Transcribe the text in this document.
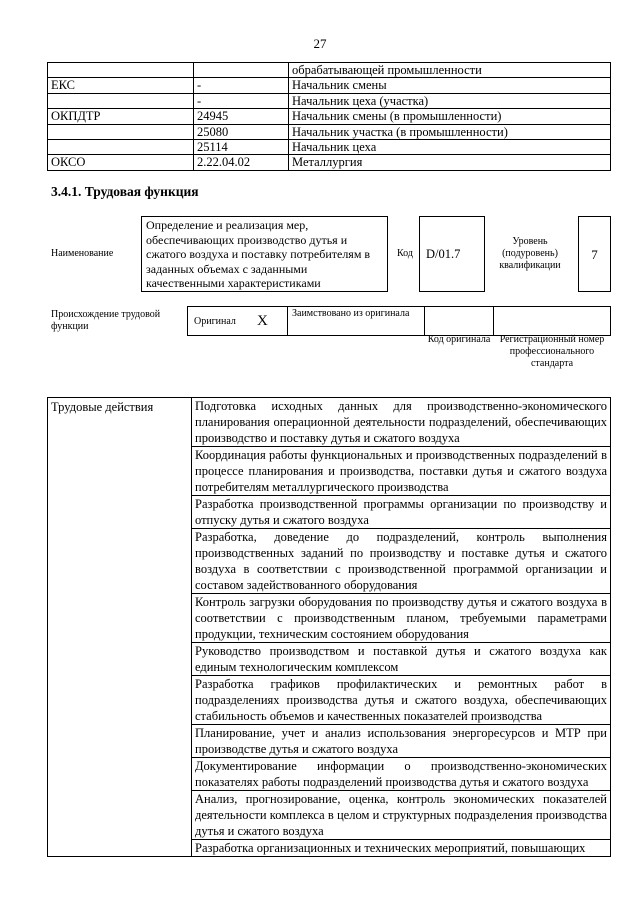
27
		обрабатывающей промышленности
ЕКС	-	Начальник смены
	-	Начальник цеха (участка)
ОКПДТР	24945	Начальник смены (в промышленности)
	25080	Начальник участка (в промышленности)
	25114	Начальник цеха
ОКСО	2.22.04.02	Металлургия
3.4.1. Трудовая функция
Наименование
Определение и реализация мер, обеспечивающих производство дутья и сжатого воздуха и поставку потребителям в заданных объемах с заданными качественными характеристиками
Код	D/01.7
Уровень (подуровень) квалификации
7
Происхождение трудовой функции	Оригинал X	Заимствовано из оригинала
Код оригинала Регистрационный номер профессионального стандарта
Трудовые действия	Подготовка исходных данных для производственно-экономического планирования операционной деятельности подразделений, обеспечивающих производство и поставку дутья и сжатого воздуха
Координация работы функциональных и производственных подразделений в процессе планирования и производства, поставки дутья и сжатого воздуха потребителям металлургического производства
Разработка производственной программы организации по производству и отпуску дутья и сжатого воздуха
Разработка, доведение до подразделений, контроль выполнения производственных заданий по производству и поставке дутья и сжатого воздуха в соответствии с производственной программой организации и составом задействованного оборудования
Контроль загрузки оборудования по производству дутья и сжатого воздуха в соответствии с производственным планом, требуемыми параметрами продукции, техническим состоянием оборудования
Руководство производством и поставкой дутья и сжатого воздуха как единым технологическим комплексом
Разработка графиков профилактических и ремонтных работ в подразделениях производства дутья и сжатого воздуха, обеспечивающих стабильность объемов и качественных показателей производства
Планирование, учет и анализ использования энергоресурсов и МТР при производстве дутья и сжатого воздуха
Документирование информации о производственно-экономических показателях работы подразделений производства дутья и сжатого воздуха
Анализ, прогнозирование, оценка, контроль экономических показателей деятельности комплекса в целом и структурных подразделения производства дутья и сжатого воздуха
Разработка организационных и технических мероприятий, повышающих
